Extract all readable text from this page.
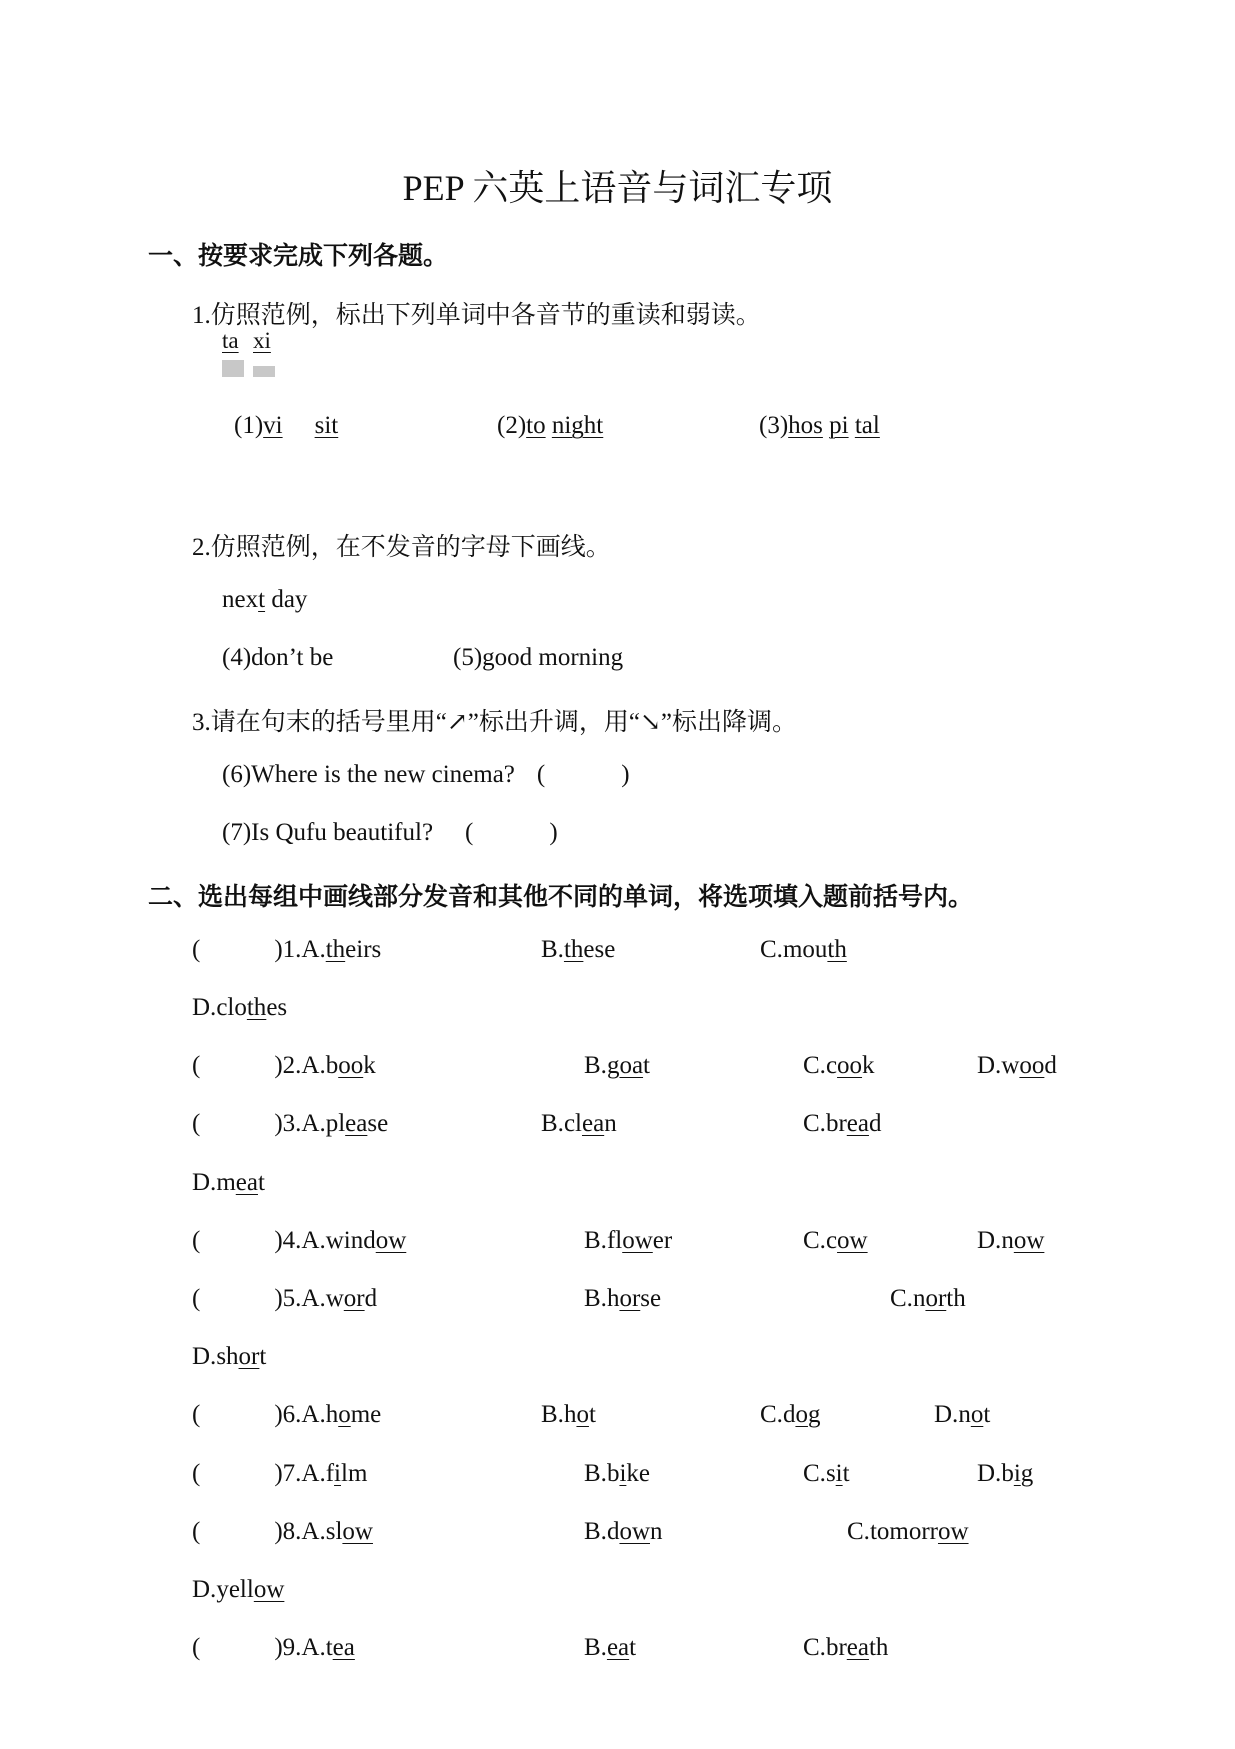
PEP 六英上语音与词汇专项
一、按要求完成下列各题。
1.仿照范例，标出下列单词中各音节的重读和弱读。
ta xi
(1)vi sit	(2)to night	(3)hos pi tal
2.仿照范例，在不发音的字母下画线。
next day
(4)don’t be	(5)good morning
3.请在句末的括号里用“↗”标出升调，用“↘”标出降调。
(6)Where is the new cinema? (	)
(7)Is Qufu beautiful? (	)
二、选出每组中画线部分发音和其他不同的单词，将选项填入题前括号内。
(	)1.A.theirs	B.these	C.mouth
D.clothes
(	)2.A.book	B.goat	C.cook	D.wood
(	)3.A.please	B.clean	C.bread
D.meat
(	)4.A.window	B.flower	C.cow	D.now
(	)5.A.word	B.horse	C.north
D.short
(	)6.A.home	B.hot	C.dog	D.not
(	)7.A.film	B.bike	C.sit	D.big
(	)8.A.slow	B.down	C.tomorrow
D.yellow
(	)9.A.tea	B.eat	C.breath
